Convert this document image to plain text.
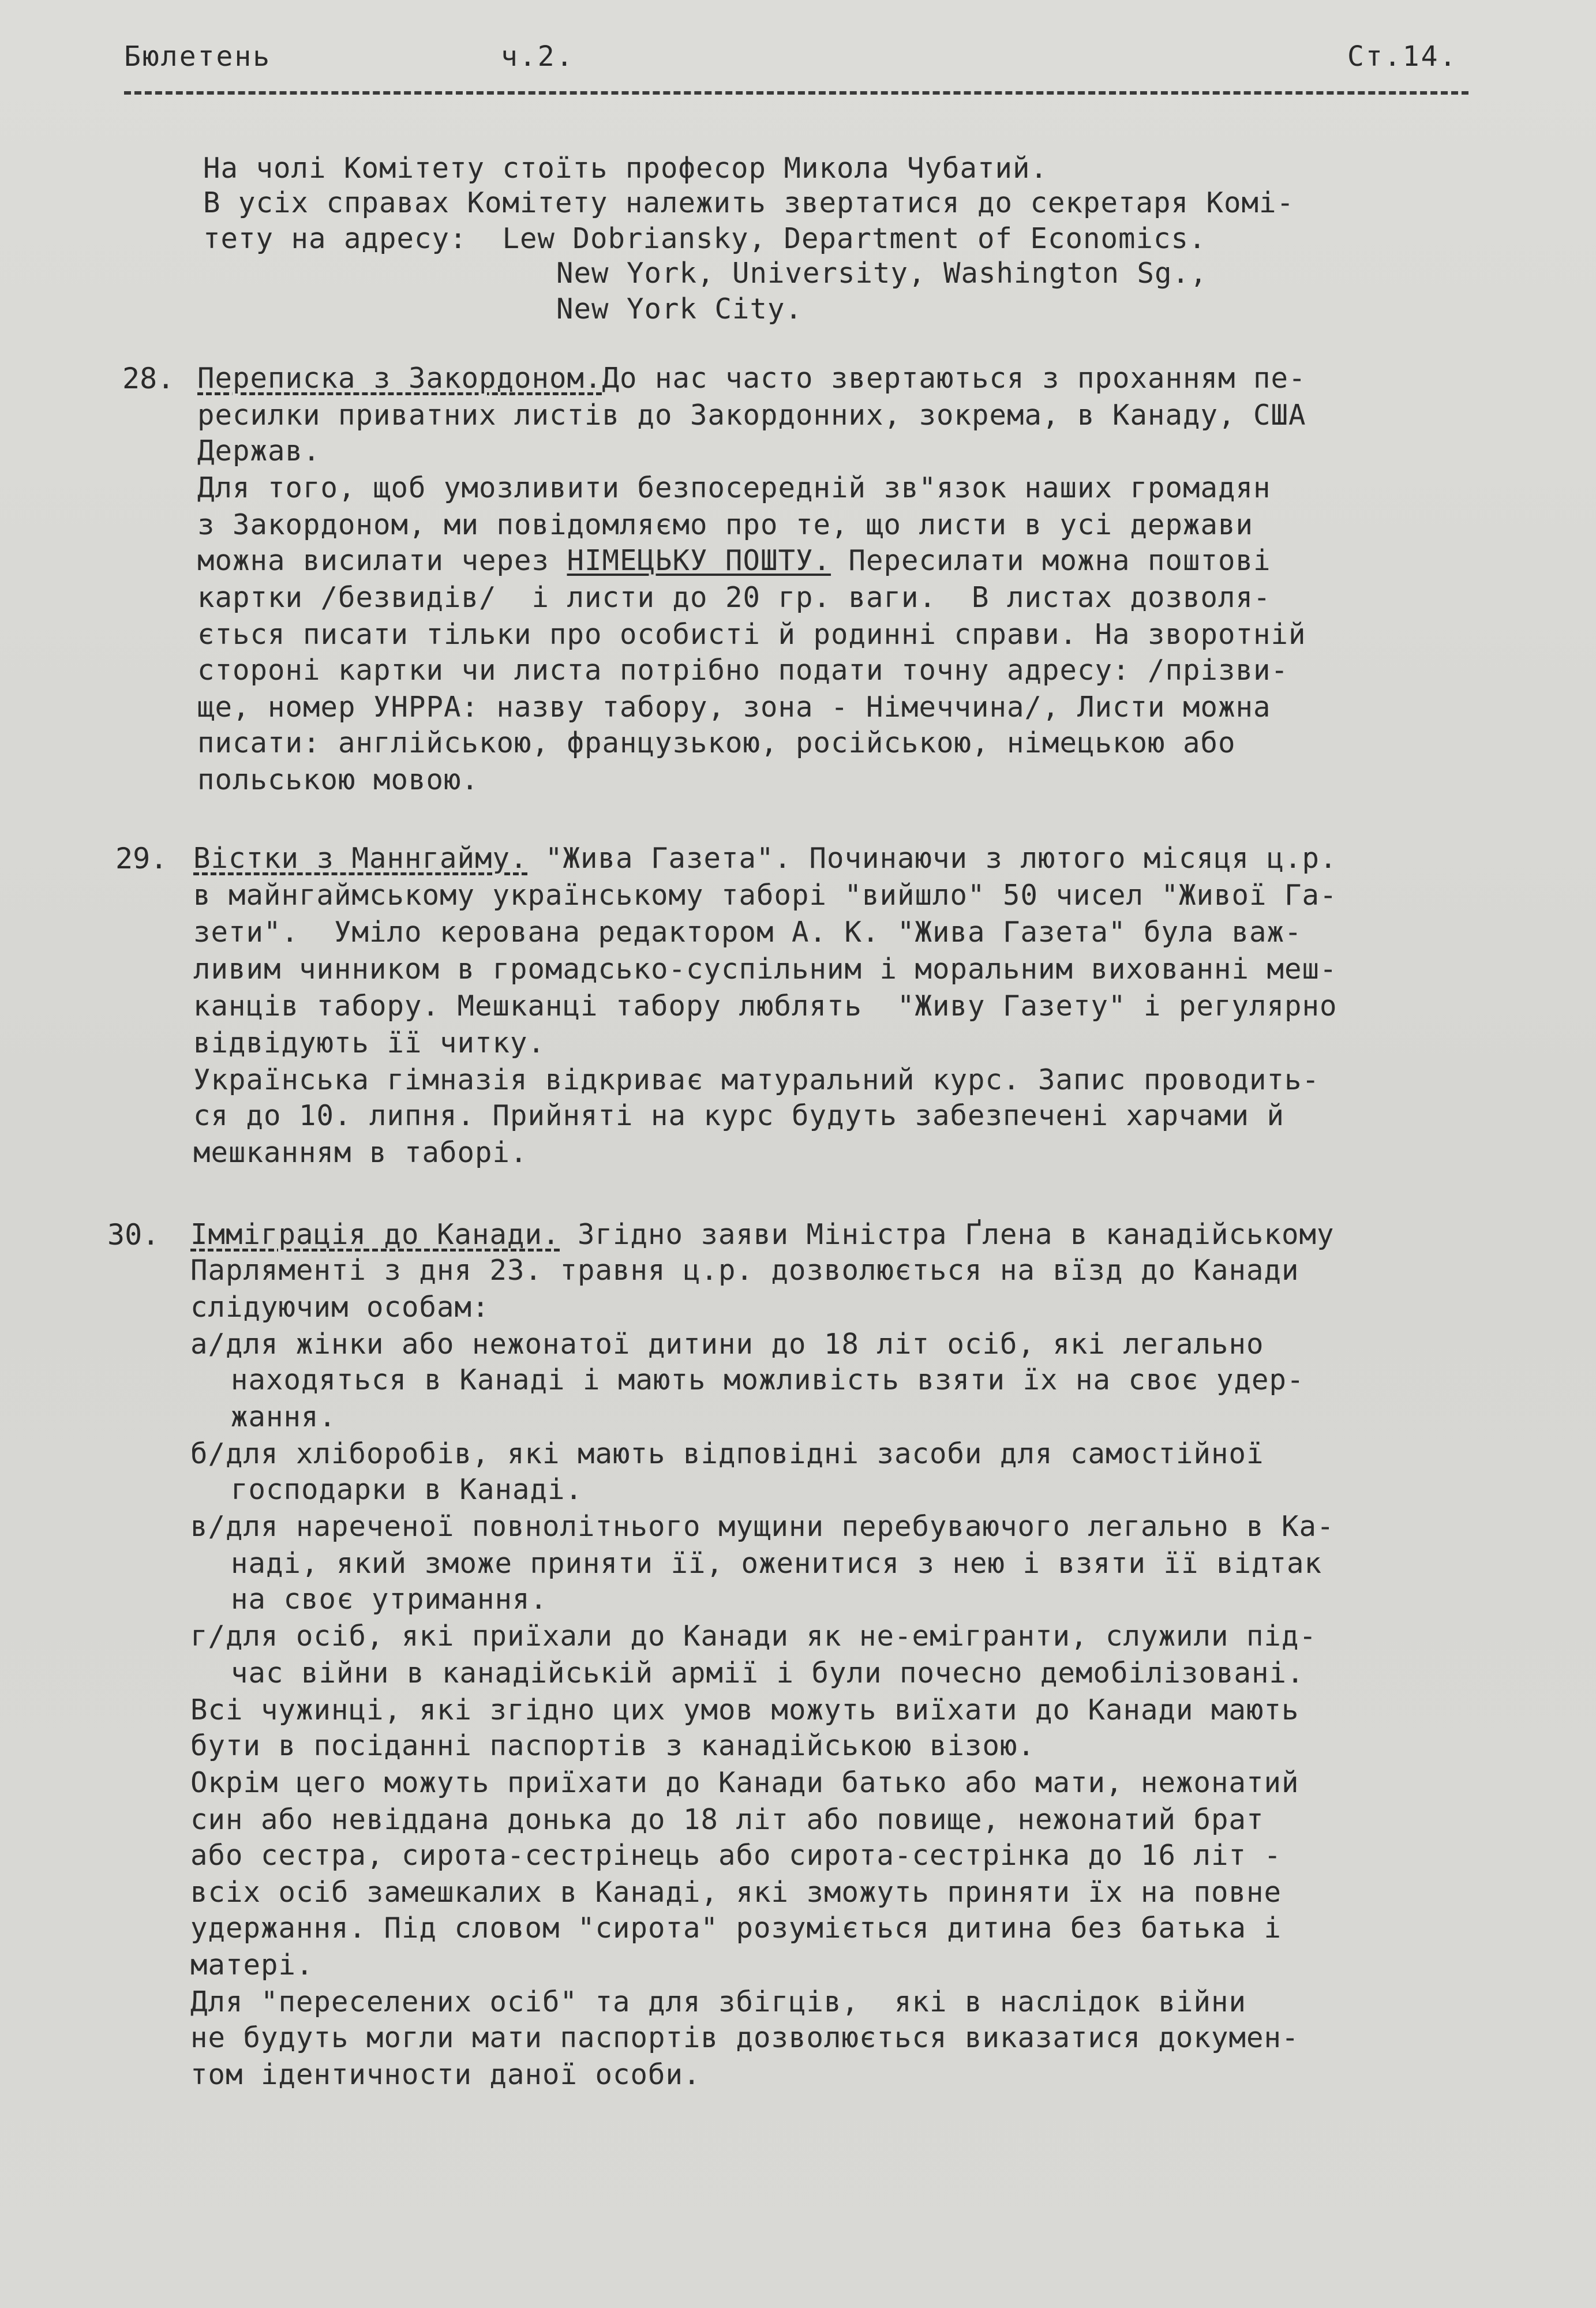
Бюлетень	ч.2.	Ст.14.
На чолі Комітету стоїть професор Микола Чубатий.
В усіх справах Комітету належить звертатися до секретаря Комі-
тету на адресу:  Lew Dobriansky, Department of Economics.
New York, University, Washington Sg.,
New York City.
28. Переписка з Закордоном.До нас часто звертаються з проханням пе-
ресилки приватних листів до Закордонних, зокрема, в Канаду, США
Держав.
Для того, щоб умозливити безпосередній зв"язок наших громадян
з Закордоном, ми повідомляємо про те, що листи в усі держави
можна висилати через НІМЕЦЬКУ ПОШТУ. Пересилати можна поштові
картки /безвидів/  і листи до 20 гр. ваги.  В листах дозволя-
ється писати тільки про особисті й родинні справи. На зворотній
стороні картки чи листа потрібно подати точну адресу: /прізви-
ще, номер УНРРА: назву табору, зона - Німеччина/, Листи можна
писати: англійською, французькою, російською, німецькою або
польською мовою.
29. Вістки з Маннгайму. "Жива Газета". Починаючи з лютого місяця ц.р.
в майнгаймському українському таборі "вийшло" 50 чисел "Живої Га-
зети".  Уміло керована редактором А. К. "Жива Газета" була важ-
ливим чинником в громадсько-суспільним і моральним вихованні меш-
канців табору. Мешканці табору люблять  "Живу Газету" і регулярно
відвідують її читку.
Українська гімназія відкриває матуральний курс. Запис проводить-
ся до 10. липня. Прийняті на курс будуть забезпечені харчами й
мешканням в таборі.
30. Імміграція до Канади. Згідно заяви Міністра Ґлена в канадійському
Парляменті з дня 23. травня ц.р. дозволюється на вїзд до Канади
слідуючим особам:
а/для жінки або нежонатої дитини до 18 літ осіб, які легально
находяться в Канаді і мають можливість взяти їх на своє удер-
жання.
б/для хліборобів, які мають відповідні засоби для самостійної
господарки в Канаді.
в/для нареченої повнолітнього мущини перебуваючого легально в Ка-
наді, який зможе приняти її, оженитися з нею і взяти її відтак
на своє утримання.
г/для осіб, які приїхали до Канади як не-емігранти, служили під-
час війни в канадійській армії і були почесно демобілізовані.
Всі чужинці, які згідно цих умов можуть виїхати до Канади мають
бути в посіданні паспортів з канадійською візою.
Окрім цего можуть приїхати до Канади батько або мати, нежонатий
син або невіддана донька до 18 літ або повище, нежонатий брат
або сестра, сирота-сестрінець або сирота-сестрінка до 16 літ -
всіх осіб замешкалих в Канаді, які зможуть приняти їх на повне
удержання. Під словом "сирота" розуміється дитина без батька і
матері.
Для "переселених осіб" та для збігців,  які в наслідок війни
не будуть могли мати паспортів дозволюється виказатися докумен-
том ідентичности даної особи.
